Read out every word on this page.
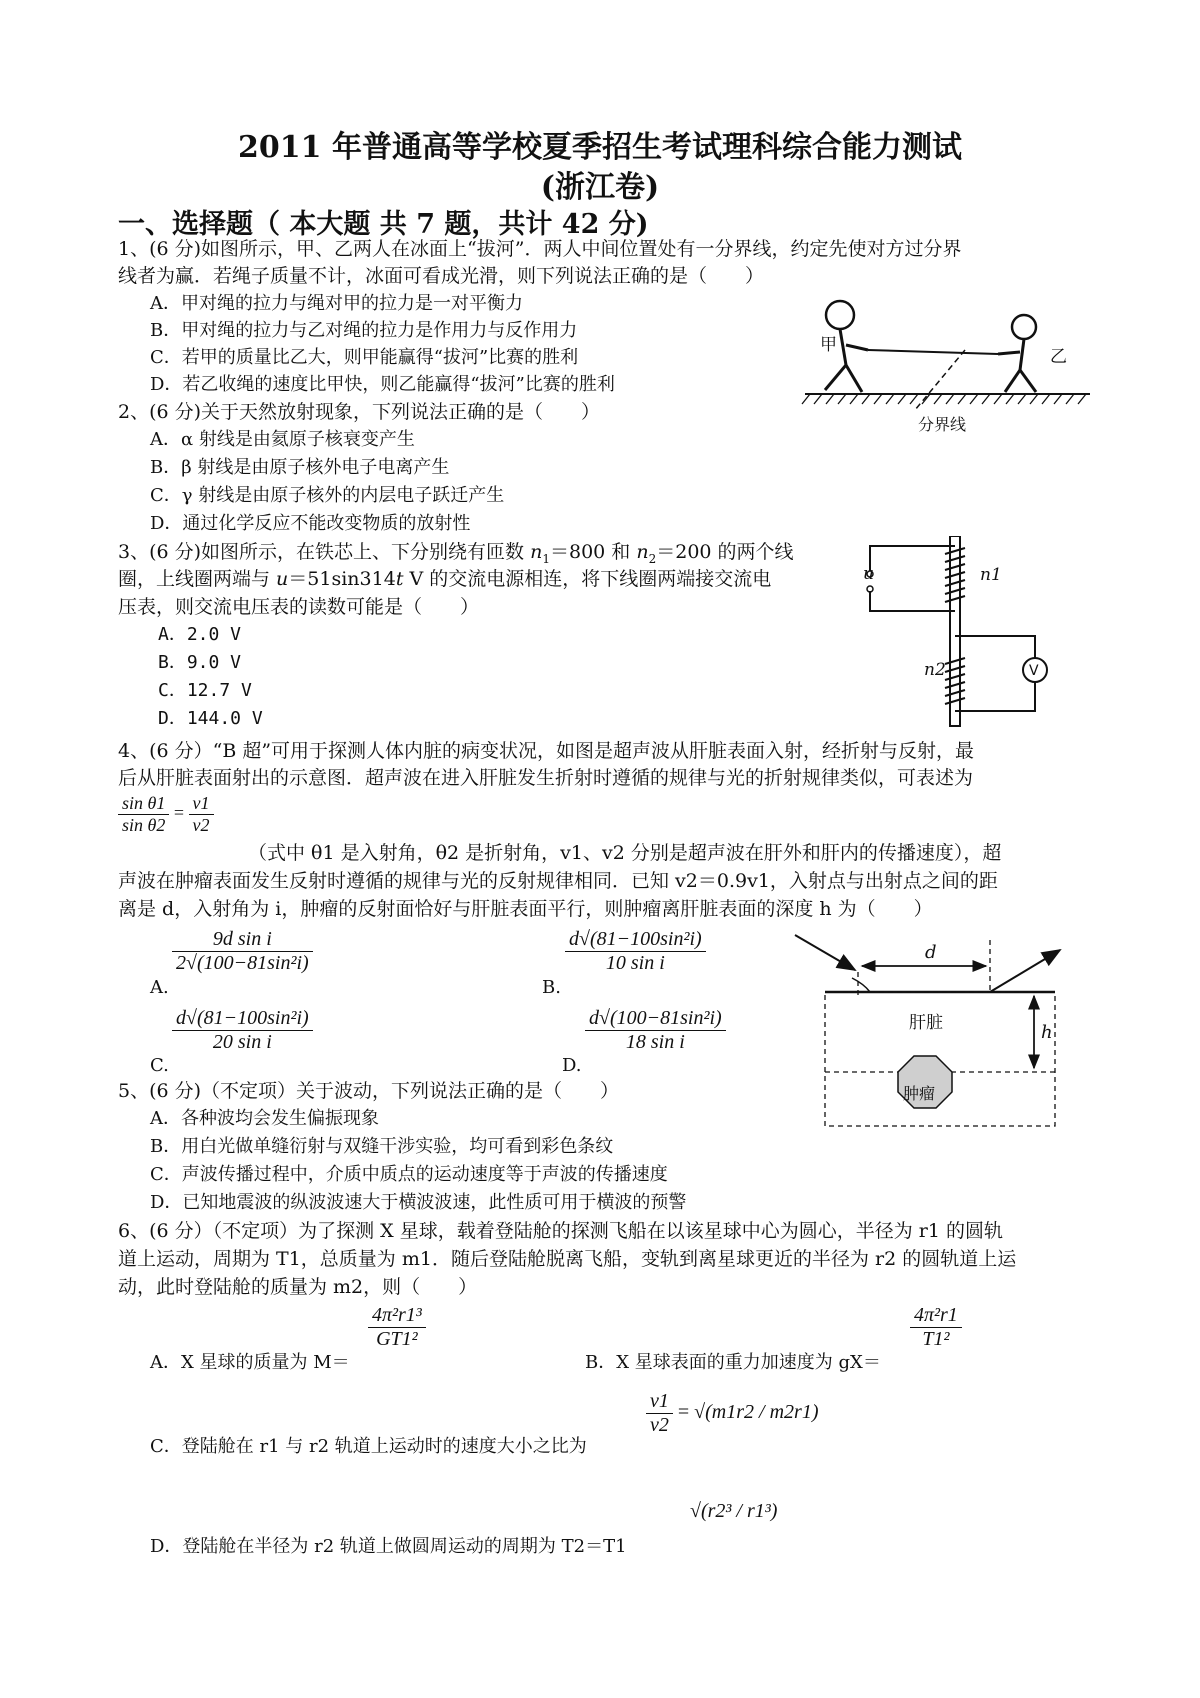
2011 年普通高等学校夏季招生考试理科综合能力测试
(浙江卷)
一、选择题（ 本大题 共 7 题，共计 42 分)
1、(6 分)如图所示，甲、乙两人在冰面上“拔河”．两人中间位置处有一分界线，约定先使对方过分界
线者为赢．若绳子质量不计，冰面可看成光滑，则下列说法正确的是（　　）
A．甲对绳的拉力与绳对甲的拉力是一对平衡力
B．甲对绳的拉力与乙对绳的拉力是作用力与反作用力
C．若甲的质量比乙大，则甲能赢得“拔河”比赛的胜利
D．若乙收绳的速度比甲快，则乙能赢得“拔河”比赛的胜利
甲
乙
分界线
2、(6 分)关于天然放射现象，下列说法正确的是（　　）
A．α 射线是由氦原子核衰变产生
B．β 射线是由原子核外电子电离产生
C．γ 射线是由原子核外的内层电子跃迁产生
D．通过化学反应不能改变物质的放射性
3、(6 分)如图所示，在铁芯上、下分别绕有匝数 $n_1=800$ 和 $n_2=200$ 的两个线
圈，上线圈两端与 u＝51sin314t V 的交流电源相连，将下线圈两端接交流电
压表，则交流电压表的读数可能是（　　）
A．2.0 V
B．9.0 V
C．12.7 V
D．144.0 V
u	n1
n2	V
4、(6 分）“B 超”可用于探测人体内脏的病变状况，如图是超声波从肝脏表面入射，经折射与反射，最
后从肝脏表面射出的示意图．超声波在进入肝脏发生折射时遵循的规律与光的折射规律类似，可表述为
$\frac{\text{sin θ1}}{\text{sin θ2}} = \frac{v1}{v2}$
（式中 θ1 是入射角，θ2 是折射角，v1、v2 分别是超声波在肝外和肝内的传播速度），超
声波在肿瘤表面发生反射时遵循的规律与光的反射规律相同．已知 v2＝0.9v1，入射点与出射点之间的距
离是 d，入射角为 i，肿瘤的反射面恰好与肝脏表面平行，则肿瘤离肝脏表面的深度 h 为（　　）
A.
$\frac{\text{9d sin i}}{\text{2√(100−81sin²i)}}$
B.
$\frac{\text{d√(81−100sin²i)}}{\text{10 sin i}}$
C.
$\frac{\text{d√(81−100sin²i)}}{\text{20 sin i}}$
D.
$\frac{\text{d√(100−81sin²i)}}{\text{18 sin i}}$
d
肝脏	h
肿瘤
5、(6 分)（不定项）关于波动，下列说法正确的是（　　）
A．各种波均会发生偏振现象
B．用白光做单缝衍射与双缝干涉实验，均可看到彩色条纹
C．声波传播过程中，介质中质点的运动速度等于声波的传播速度
D．已知地震波的纵波波速大于横波波速，此性质可用于横波的预警
6、(6 分）（不定项）为了探测 X 星球，载着登陆舱的探测飞船在以该星球中心为圆心，半径为 r1 的圆轨
道上运动，周期为 T1，总质量为 m1．随后登陆舱脱离飞船，变轨到离星球更近的半径为 r2 的圆轨道上运
动，此时登陆舱的质量为 m2，则（　　）
A．X 星球的质量为 M＝
$\frac{\text{4π²r1³}}{\text{GT1²}}$
B．X 星球表面的重力加速度为 gX＝
$\frac{\text{4π²r1}}{\text{T1²}}$
C．登陆舱在 r1 与 r2 轨道上运动时的速度大小之比为
$\frac{v1}{v2} = √(m1r2 / m2r1)$
D．登陆舱在半径为 r2 轨道上做圆周运动的周期为 T2＝T1
√(r2³ / r1³)
